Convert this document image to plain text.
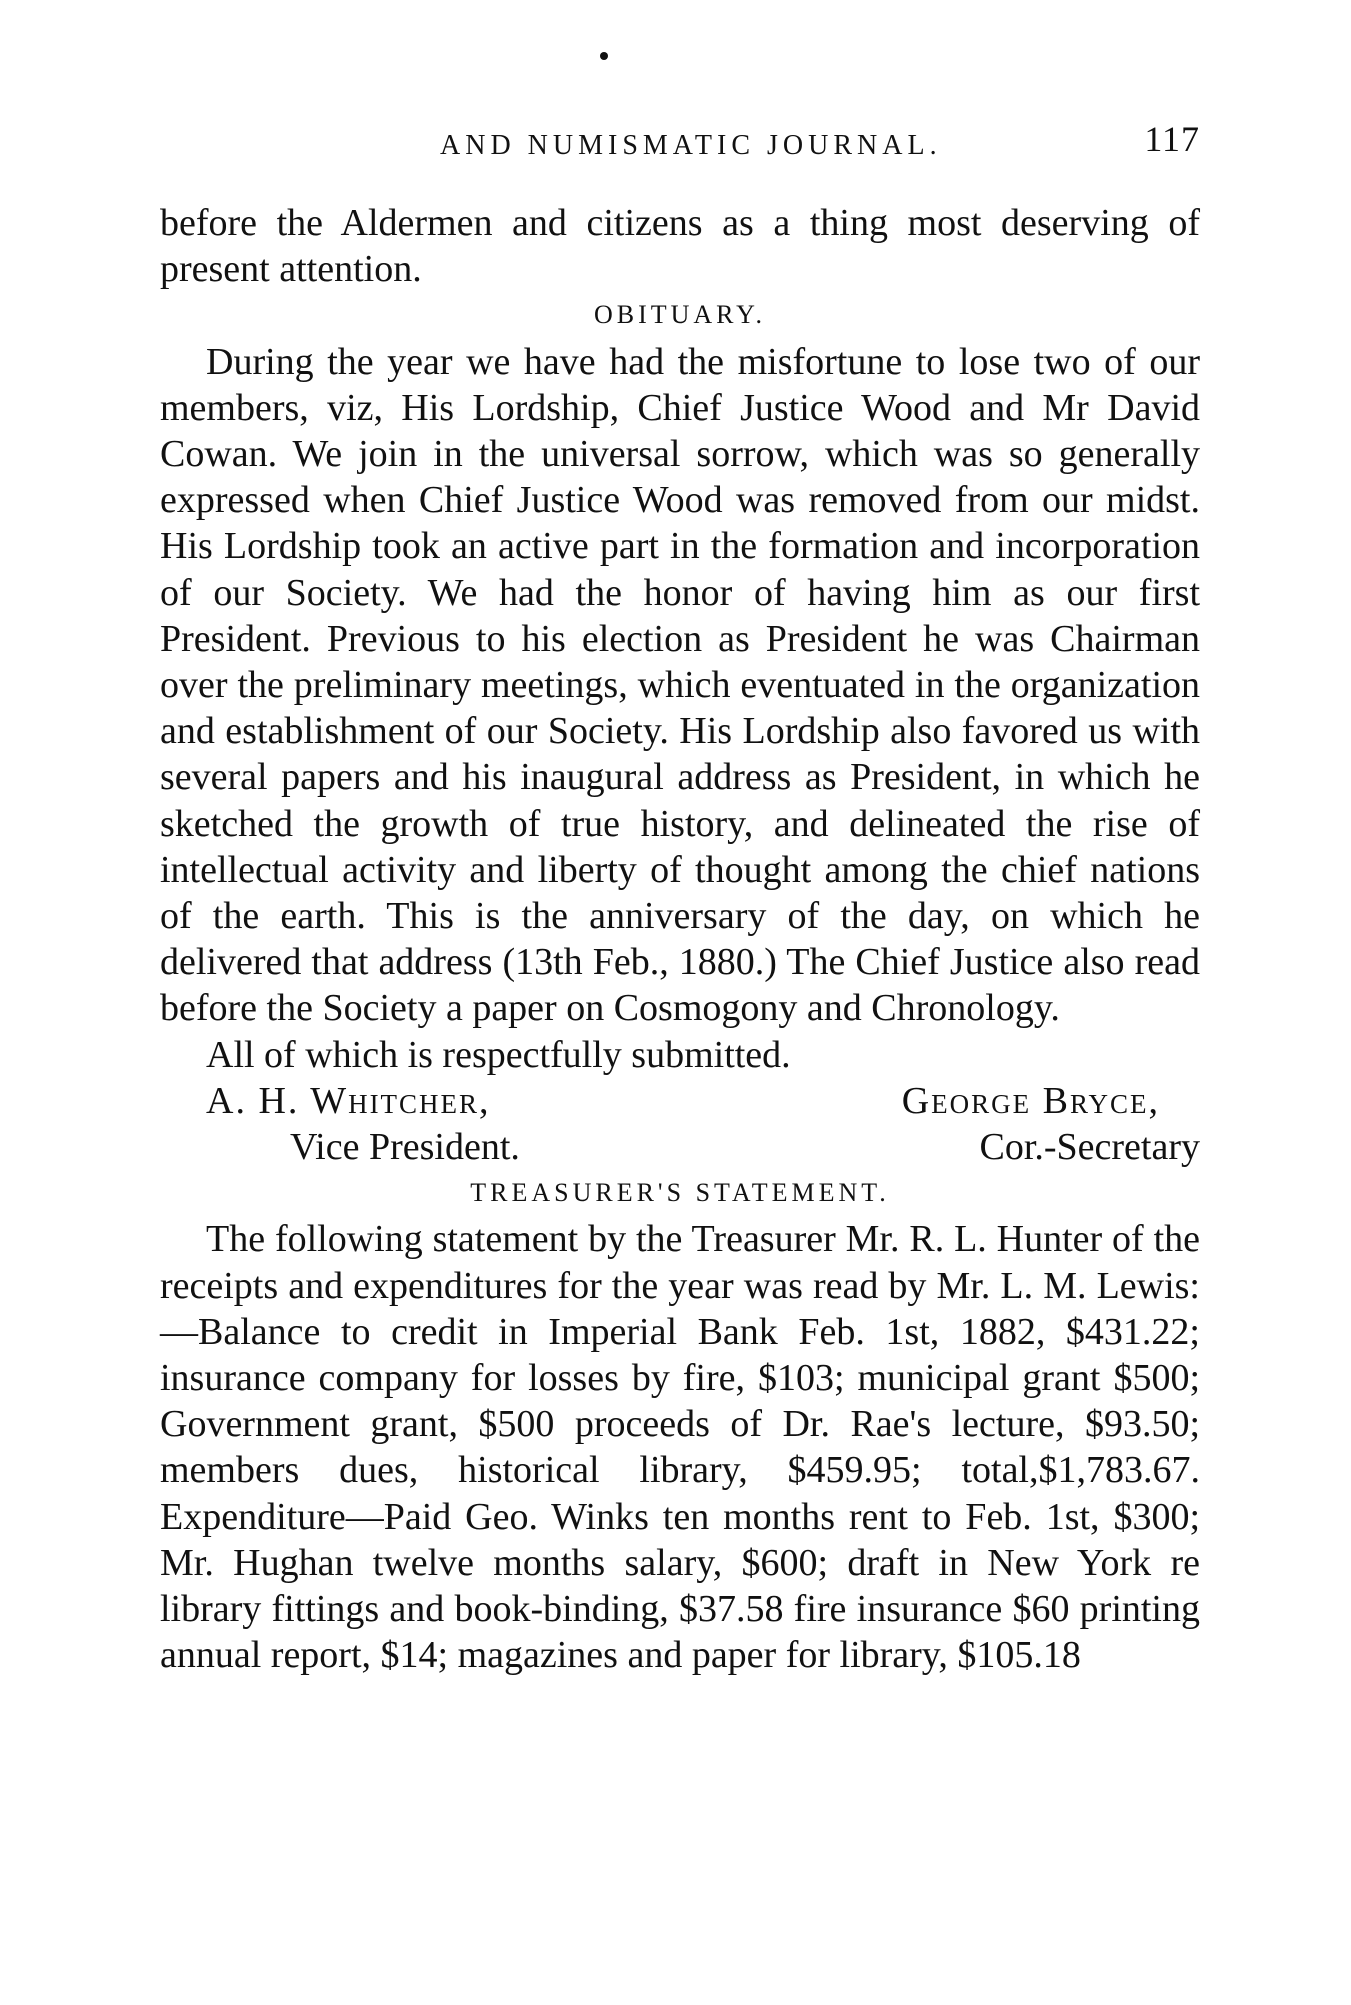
AND NUMISMATIC JOURNAL.	117

before the Aldermen and citizens as a thing most deserving of present attention.

OBITUARY.

During the year we have had the misfortune to lose two of our members, viz, His Lordship, Chief Justice Wood and Mr David Cowan. We join in the universal sorrow, which was so generally expressed when Chief Justice Wood was removed from our midst. His Lordship took an active part in the formation and incorporation of our Society. We had the honor of having him as our first President. Previous to his election as President he was Chairman over the preliminary meetings, which eventuated in the organization and establishment of our Society. His Lordship also favored us with several papers and his inaugural address as President, in which he sketched the growth of true history, and delineated the rise of intellectual activity and liberty of thought among the chief nations of the earth. This is the anniversary of the day, on which he delivered that address (13th Feb., 1880.) The Chief Justice also read before the Society a paper on Cosmogony and Chronology.

All of which is respectfully submitted.

A. H. Whitcher,	George Bryce,
Vice President.	Cor.-Secretary
TREASURER'S STATEMENT.

The following statement by the Treasurer Mr. R. L. Hunter of the receipts and expenditures for the year was read by Mr. L. M. Lewis:—Balance to credit in Imperial Bank Feb. 1st, 1882, $431.22; insurance company for losses by fire, $103; municipal grant $500; Government grant, $500 proceeds of Dr. Rae's lecture, $93.50; members dues, historical library, $459.95; total,$1,783.67. Expenditure—Paid Geo. Winks ten months rent to Feb. 1st, $300; Mr. Hughan twelve months salary, $600; draft in New York re library fittings and book-binding, $37.58 fire insurance $60 printing annual report, $14; magazines and paper for library, $105.18
